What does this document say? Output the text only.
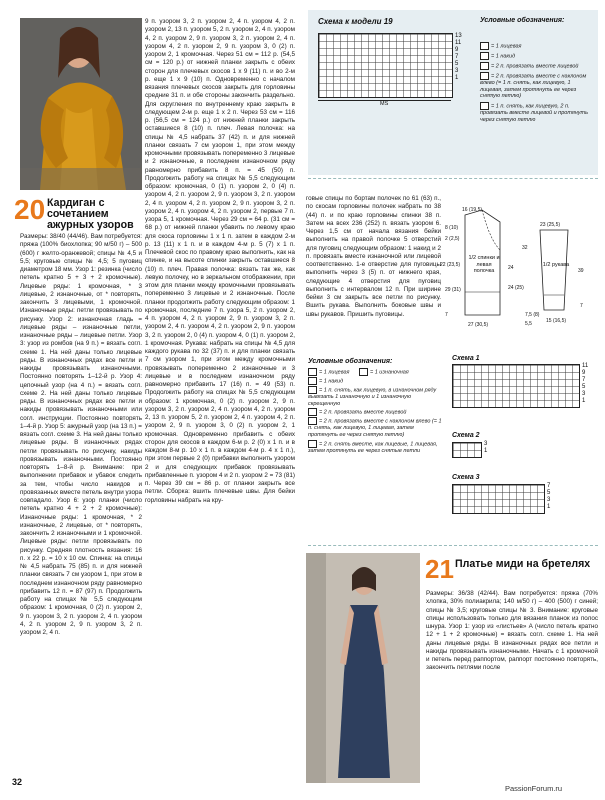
20 Кардиган с сочетанием ажурных узоров

Размеры: 38/40 (44/46). Вам потребуется: пряжа (100% биохлопка; 90 м/50 г) – 500 (600) г желто-оранжевой; спицы № 4,5 и 5,5; круговые спицы № 4,5; 5 пуговиц диаметром 18 мм. Узор 1: резинка (число петель кратно 5 + 3 + 2 кромочные). Лицевые ряды: 1 кромочная, * 3 лицевые, 2 изнаночные, от * повторять, закончить 3 лицевыми, 1 кромочной. Изнаночные ряды: петли провязывать по рисунку. Узор 2: изнаночная гладь = лицевые ряды – изнаночные петли, изнаночные ряды – лицевые петли. Узор 3: узор из ромбов (на 9 п.) = вязать согл. схеме 1. На ней даны только лицевые ряды. В изнаночных рядах все петли и накиды провязывать изнаночными. Постоянно повторять 1–12-й р. Узор 4: цепочный узор (на 4 п.) = вязать согл. схеме 2. На ней даны только лицевые ряды. В изнаночных рядах все петли и накиды провязывать изнаночными или согл. инструкции. Постоянно повторять 1–4-й р. Узор 5: ажурный узор (на 13 п.) = вязать согл. схеме 3. На ней даны только лицевые ряды. В изнаночных рядах петли провязывать по рисунку, накиды провязывать изнаночными. Постоянно повторять 1–8-й р. Внимание: при выполнении прибавок и убавок следить за тем, чтобы число накидов и провязанных вместе петель внутри узора совпадало. Узор 6: узор планки (число петель кратно 4 + 2 + 2 кромочные): Изнаночные ряды: 1 кромочная, * 2 изнаночные, 2 лицевые, от * повторять, закончить 2 изнаночными и 1 кромочной. Лицевые ряды: петли провязывать по рисунку. Средняя плотность вязания: 16 п. x 22 р. = 10 x 10 см. Спинка: на спицы № 4,5 набрать 75 (85) п. и для нижней планки связать 7 см узором 1, при этом в последнем изнаночном ряду равномерно прибавить 12 п. = 87 (97) п. Продолжить работу на спицах № 5,5 следующим образом: 1 кромочная, 0 (2) п. узором 2, 9 п. узором 3, 2 п. узором 2, 4 п. узором 4, 2 п. узором 2, 9 п. узором 3, 2 п. узором 2, 4 п.

9 п. узором 3, 2 п. узором 2, 4 п. узором 4, 2 п. узором 2, 13 п. узором 5, 2 п. узором 2, 4 п. узором 4, 2 п. узором 2, 9 п. узором 3, 2 п. узором 2, 4 п. узором 4, 2 п. узором 2, 9 п. узором 3, 0 (2) п. узором 2, 1 кромочная. Через 51 см = 112 р. (54,5 см = 120 р.) от нижней планки закрыть с обеих сторон для плечевых скосов 1 x 9 (11) п. и во 2-м р. еще 1 x 9 (10) п. Одновременно с началом вязания плечевых скосов закрыть для горловины средние 31 п. и обе стороны закончить раздельно. Для скругления по внутреннему краю закрыть в следующем 2-м р. еще 1 x 2 п. Через 53 см = 116 р. (56,5 см = 124 р.) от нижней планки закрыть оставшиеся 8 (10) п. плеч. Левая полочка: на спицы № 4,5 набрать 37 (42) п. и для нижней планки связать 7 см узором 1, при этом между кромочными провязывать попеременно 3 лицевые и 2 изнаночные, в последнем изнаночном ряду равномерно прибавить 8 п. = 45 (50) п. Продолжить работу на спицах № 5,5 следующим образом: кромочная, 0 (1) п. узором 2, 0 (4) п. узором 4, 2 п. узором 2, 9 п. узором 3, 2 п. узором 2, 4 п. узором 4, 2 п. узором 2, 9 п. узором 3, 2 п. узором 2, 4 п. узором 4, 2 п. узором 2, первые 7 п. узора 5, 1 кромочная. Через 29 см = 64 р. (31 см = 68 р.) от нижней планки убавить по левому краю для скоса горловины 1 x 1 п. затем в каждом 2-м р. 13 (11) x 1 п. и в каждом 4-м р. 5 (7) x 1 п. Плечевой скос по правому краю выполнить, как на спинке, и на высоте спинки закрыть оставшиеся 8 (10) п. плеч. Правая полочка: вязать так же, как левую полочку, но в зеркальном отображении, при этом для планки между кромочными провязывать попеременно 3 лицевые и 2 изнаночные. После планки продолжить работу следующим образом: 1 кромочная, последние 7 п. узора 5, 2 п. узором 2, 4 п. узором 4, 2 п. узором 2, 9 п. узором 3, 2 п. узором 2, 4 п. узором 4, 2 п. узором 2, 9 п. узором 3, 2 п. узором 2, 0 (4) п. узором 4, 0 (1) п. узором 2, 1 кромочная. Рукава: набрать на спицы № 4,5 для каждого рукава по 32 (37) п. и для планки связать 7 см узором 1, при этом между кромочными провязывать попеременно 2 изнаночные и 3 лицевые и в последнем изнаночном ряду равномерно прибавить 17 (16) п. = 49 (53) п. Продолжить работу на спицах № 5,5 следующим образом: 1 кромочная, 0 (2) п. узором 2, 9 п. узором 3, 2 п. узором 2, 4 п. узором 4, 2 п. узором 2, 13 п. узором 5, 2 п. узором 2, 4 п. узором 4, 2 п. узором 2, 9 п. узором 3, 0 (2) п. узором 2, 1 кромочная. Одновременно прибавить с обеих сторон для скосов в каждом 6-м р. 2 (0) x 1 п. и в каждом 8-м р. 10 x 1 п. в каждом 4-м р. 4 x 1 п.), при этом первые 2 (0) прибавки выполнить узором 2 и для следующих прибавок провязывать прибавленные п. узором 4 и 2 п. узором 2 = 73 (81) п. Через 39 см = 86 р. от планки закрыть все петли. Сборка: вшить плечевые швы. Для бейки горловины набрать на кру-

Схема к модели 19
13
11
9
7
5
3
1
MS
Условные обозначения:
= 1 лицевая
= 1 накид
= 2 п. провязать вместе лицевой
= 2 п. провязать вместе с наклоном влево (= 1 п. снять, как лицевую, 1 лицевая, затем протянуть ее через снятую петлю)
= 1 п. снять, как лицевую, 2 п. провязать вместе лицевой и протянуть через снятую петлю
1/2 спинки и левая полочка
16 (19,5)
8 (10)
2 (2,5)
22 (23,5)
29 (31)
7
27 (30,5)
24
24 (25)
1/2 рукава
23 (25,5)
32
39
7
7,5 (8)
15 (16,5)
5,5

говые спицы по бортам полочек по 61 (63) п., по скосам горловины полочек набрать по 38 (44) п. и по краю горловины спинки 38 п. Затем на всех 236 (252) п. вязать узором 6. Через 1,5 см от начала вязания бейки выполнить на правой полочке 5 отверстий для пуговиц следующим образом: 1 накид и 2 п. провязать вместе изнаночной или лицевой соответственно. 1-е отверстие для пуговицы выполнить через 3 (5) п. от нижнего края, следующие 4 отверстия для пуговиц выполнить с интервалом 12 п. При ширине бейки 3 см закрыть все петли по рисунку. Вшить рукава. Выполнить боковые швы и швы рукавов. Пришить пуговицы.

Условные обозначения:
= 1 лицевая	= 1 изнаночная
= 1 накид
= 1 п. снять, как лицевую, в изнаночном ряду вывязать 1 изнаночную и 1 изнаночную скрещенную
= 2 п. провязать вместе лицевой
= 2 п. провязать вместе с наклоном влево (= 1 п. снять, как лицевую, 1 лицевая, затем протянуть ее через снятую петлю)
= 2 п. снять вместе, как лицевые, 1 лицевая, затем протянуть ее через снятые петли
Схема 1
11
9
7
5
3
1
Схема 2
3
1
Схема 3
7
5
3
1
21 Платье миди на бретелях

Размеры: 36/38 (42/44). Вам потребуется: пряжа (70% хлопка, 30% полиакрила; 140 м/50 г) – 400 (500) г синей; спицы № 3,5; круговые спицы № 3. Внимание: круговые спицы использовать только для вязания планок из полос шнура. Узор 1: узор из «листьев» A (число петель кратно 12 + 1 + 2 кромочные) = вязать согл. схеме 1. На ней даны лицевые ряды. В изнаночных рядах все петли и накиды провязывать изнаночными. Начать с 1 кромочной и петель перед раппортом, раппорт постоянно повторять, закончить петлями после

32
PassionForum.ru
